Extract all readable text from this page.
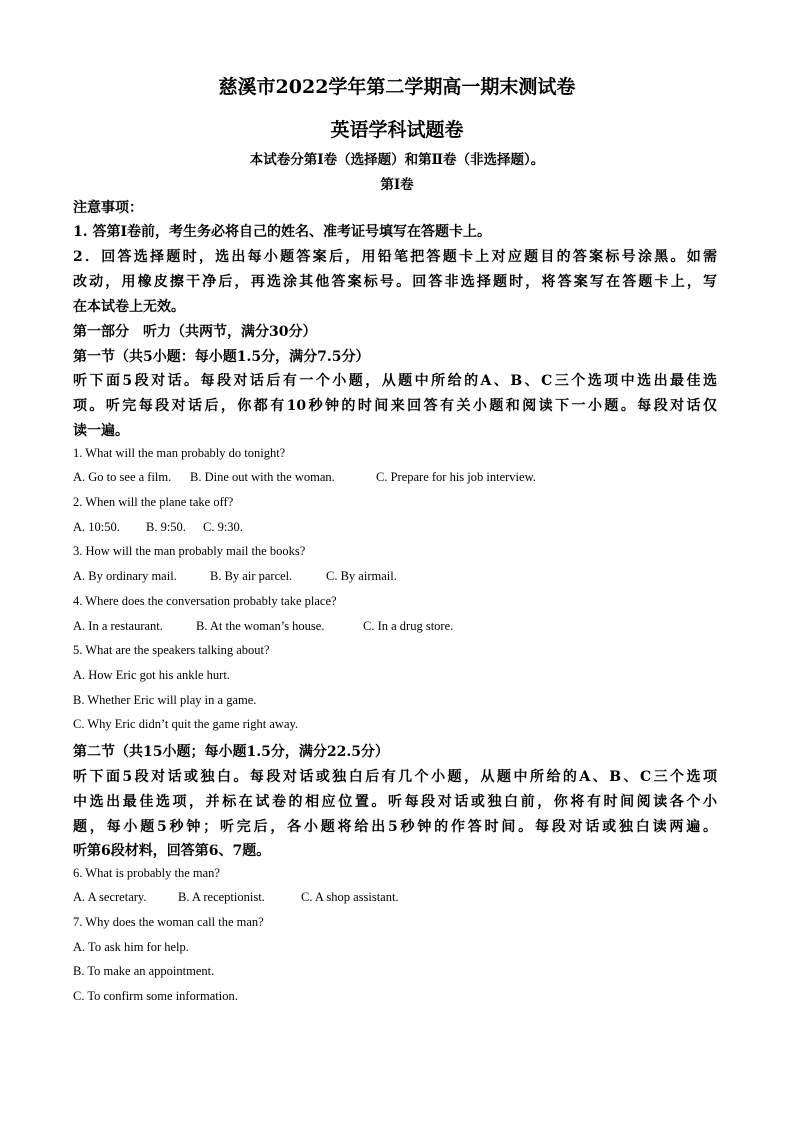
慈溪市2022学年第二学期高一期末测试卷
英语学科试题卷
本试卷分第Ⅰ卷（选择题）和第Ⅱ卷（非选择题）。
第Ⅰ卷
注意事项：
1. 答第Ⅰ卷前，考生务必将自己的姓名、准考证号填写在答题卡上。
2．回答选择题时，选出每小题答案后，用铅笔把答题卡上对应题目的答案标号涂黑。如需
改动，用橡皮擦干净后，再选涂其他答案标号。回答非选择题时，将答案写在答题卡上，写
在本试卷上无效。
第一部分　听力（共两节，满分30分）
第一节（共5小题：每小题1.5分，满分7.5分）
听下面5段对话。每段对话后有一个小题，从题中所给的A、B、C三个选项中选出最佳选
项。听完每段对话后，你都有10秒钟的时间来回答有关小题和阅读下一小题。每段对话仅
读一遍。
1. What will the man probably do tonight?
A. Go to see a film. B. Dine out with the woman.	C. Prepare for his job interview.
2. When will the plane take off?
A. 10:50. B. 9:50. C. 9:30.
3. How will the man probably mail the books?
A. By ordinary mail.	B. By air parcel.	C. By airmail.
4. Where does the conversation probably take place?
A. In a restaurant.	B. At the woman’s house.	C. In a drug store.
5. What are the speakers talking about?
A. How Eric got his ankle hurt.
B. Whether Eric will play in a game.
C. Why Eric didn’t quit the game right away.
第二节（共15小题；每小题1.5分，满分22.5分）
听下面5段对话或独白。每段对话或独白后有几个小题，从题中所给的A、B、C三个选项
中选出最佳选项，并标在试卷的相应位置。听每段对话或独白前，你将有时间阅读各个小
题，每小题5秒钟；听完后，各小题将给出5秒钟的作答时间。每段对话或独白读两遍。
听第6段材料，回答第6、7题。
6. What is probably the man?
A. A secretary.	B. A receptionist.	C. A shop assistant.
7. Why does the woman call the man?
A. To ask him for help.
B. To make an appointment.
C. To confirm some information.
